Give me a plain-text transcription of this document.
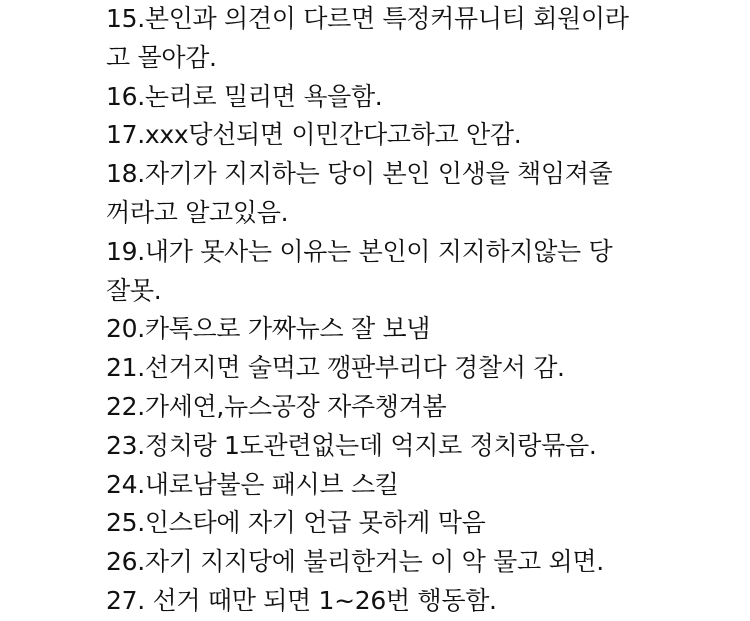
15.본인과 의견이 다르면 특정커뮤니티 회원이라
고 몰아감.
16.논리로 밀리면 욕을함.
17.xxx당선되면 이민간다고하고 안감.
18.자기가 지지하는 당이 본인 인생을 책임져줄
꺼라고 알고있음.
19.내가 못사는 이유는 본인이 지지하지않는 당
잘못.
20.카톡으로 가짜뉴스 잘 보냄
21.선거지면 술먹고 깽판부리다 경찰서 감.
22.가세연,뉴스공장 자주챙겨봄
23.정치랑 1도관련없는데 억지로 정치랑묶음.
24.내로남불은 패시브 스킬
25.인스타에 자기 언급 못하게 막음
26.자기 지지당에 불리한거는 이 악 물고 외면.
27. 선거 때만 되면 1~26번 행동함.
